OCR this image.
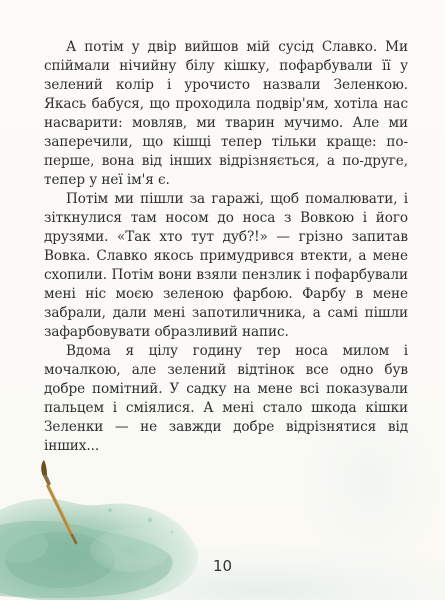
А потім у двір вийшов мій сусід Славко. Ми спіймали нічийну білу кішку, пофарбували її у зелений колір і урочисто назвали Зеленкою. Якась бабуся, що проходила подвір'ям, хотіла нас насварити: мовляв, ми тварин мучимо. Але ми заперечили, що кішці тепер тільки краще: по-перше, вона від інших відрізняється, а по-друге, тепер у неї ім'я є.

Потім ми пішли за гаражі, щоб помалювати, і зіткнулися там носом до носа з Вовкою і його друзями. «Так хто тут дуб?!» — грізно запитав Вовка. Славко якось примудрився втекти, а мене схопили. Потім вони взяли пензлик і пофарбували мені ніс моєю зеленою фарбою. Фарбу в мене забрали, дали мені запотиличника, а самі пішли зафарбовувати образливий напис.

Вдома я цілу годину тер носа милом і мочалкою, але зелений відтінок все одно був добре помітний. У садку на мене всі показували пальцем і сміялися. А мені стало шкода кішки Зеленки — не завжди добре відрізнятися від інших...

10
